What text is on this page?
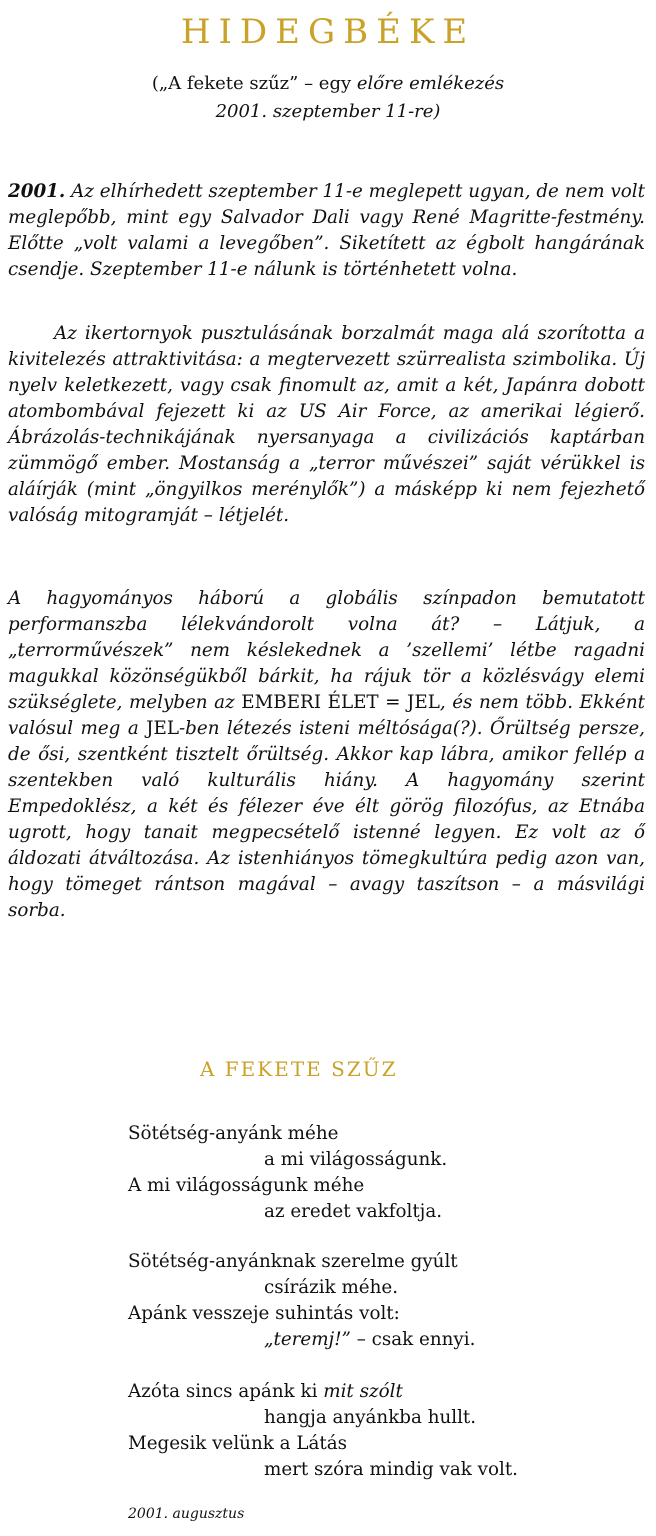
HIDEGBÉKE
(„A fekete szűz” – egy előre emlékezés
2001. szeptember 11-re)

2001. Az elhírhedett szeptember 11-e meglepett ugyan, de nem volt meglepőbb, mint egy Salvador Dali vagy René Magritte-festmény. Előtte „volt valami a levegőben”. Siketített az égbolt hangárának csendje. Szeptember 11-e nálunk is történhetett volna.

Az ikertornyok pusztulásának borzalmát maga alá szorította a kivitelezés attraktivitása: a megtervezett szürrealista szimbolika. Új nyelv keletkezett, vagy csak finomult az, amit a két, Japánra dobott atombombával fejezett ki az US Air Force, az amerikai légierő. Ábrázolás-technikájának nyersanyaga a civilizációs kaptárban zümmögő ember. Mostanság a „terror művészei” saját vérükkel is aláírják (mint „öngyilkos merénylők”) a másképp ki nem fejezhető valóság mitogramját – létjelét.

A hagyományos háború a globális színpadon bemutatott performanszba lélekvándorolt volna át? – Látjuk, a „terrorművészek” nem késlekednek a ’szellemi’ létbe ragadni magukkal közönségükből bárkit, ha rájuk tör a közlésvágy elemi szükséglete, melyben az EMBERI ÉLET = JEL, és nem több. Ekként valósul meg a JEL-ben létezés isteni méltósága(?). Őrültség persze, de ősi, szentként tisztelt őrültség. Akkor kap lábra, amikor fellép a szentekben való kulturális hiány. A hagyomány szerint Empedoklész, a két és félezer éve élt görög filozófus, az Etnába ugrott, hogy tanait megpecsételő istenné legyen. Ez volt az ő áldozati átváltozása. Az istenhiányos tömegkultúra pedig azon van, hogy tömeget rántson magával – avagy taszítson – a másvilági sorba.

A FEKETE SZŰZ
Sötétség-anyánk méhe
a mi világosságunk.
A mi világosságunk méhe
az eredet vakfoltja.
Sötétség-anyánknak szerelme gyúlt
csírázik méhe.
Apánk vesszeje suhintás volt:
„teremj!” – csak ennyi.
Azóta sincs apánk ki mit szólt
hangja anyánkba hullt.
Megesik velünk a Látás
mert szóra mindig vak volt.
2001. augusztus
